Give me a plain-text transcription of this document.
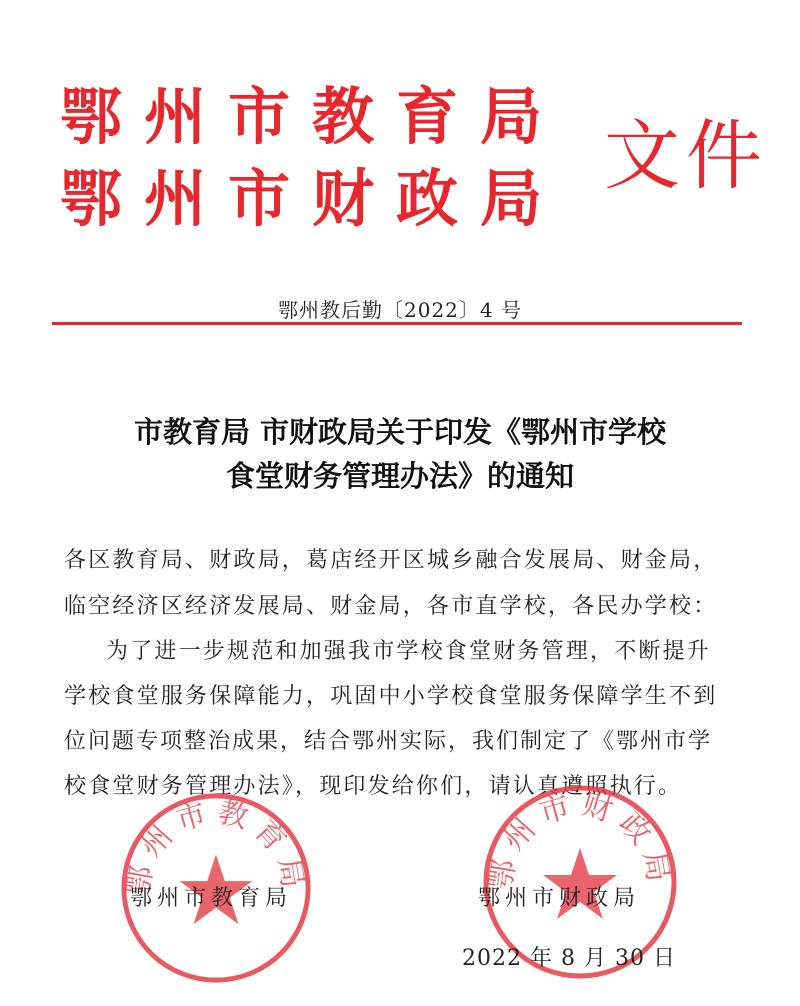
鄂州市教育局
鄂州市财政局 文件
鄂州教后勤〔2022〕4 号
市教育局 市财政局关于印发《鄂州市学校
食堂财务管理办法》的通知
各区教育局、财政局，葛店经开区城乡融合发展局、财金局，
临空经济区经济发展局、财金局，各市直学校，各民办学校：
为了进一步规范和加强我市学校食堂财务管理，不断提升
学校食堂服务保障能力，巩固中小学校食堂服务保障学生不到
位问题专项整治成果，结合鄂州实际，我们制定了《鄂州市学
校食堂财务管理办法》，现印发给你们，请认真遵照执行。
鄂州市教育局	鄂州市财政局
鄂州市教育局	鄂州市财政局
2022 年 8 月 30 日
